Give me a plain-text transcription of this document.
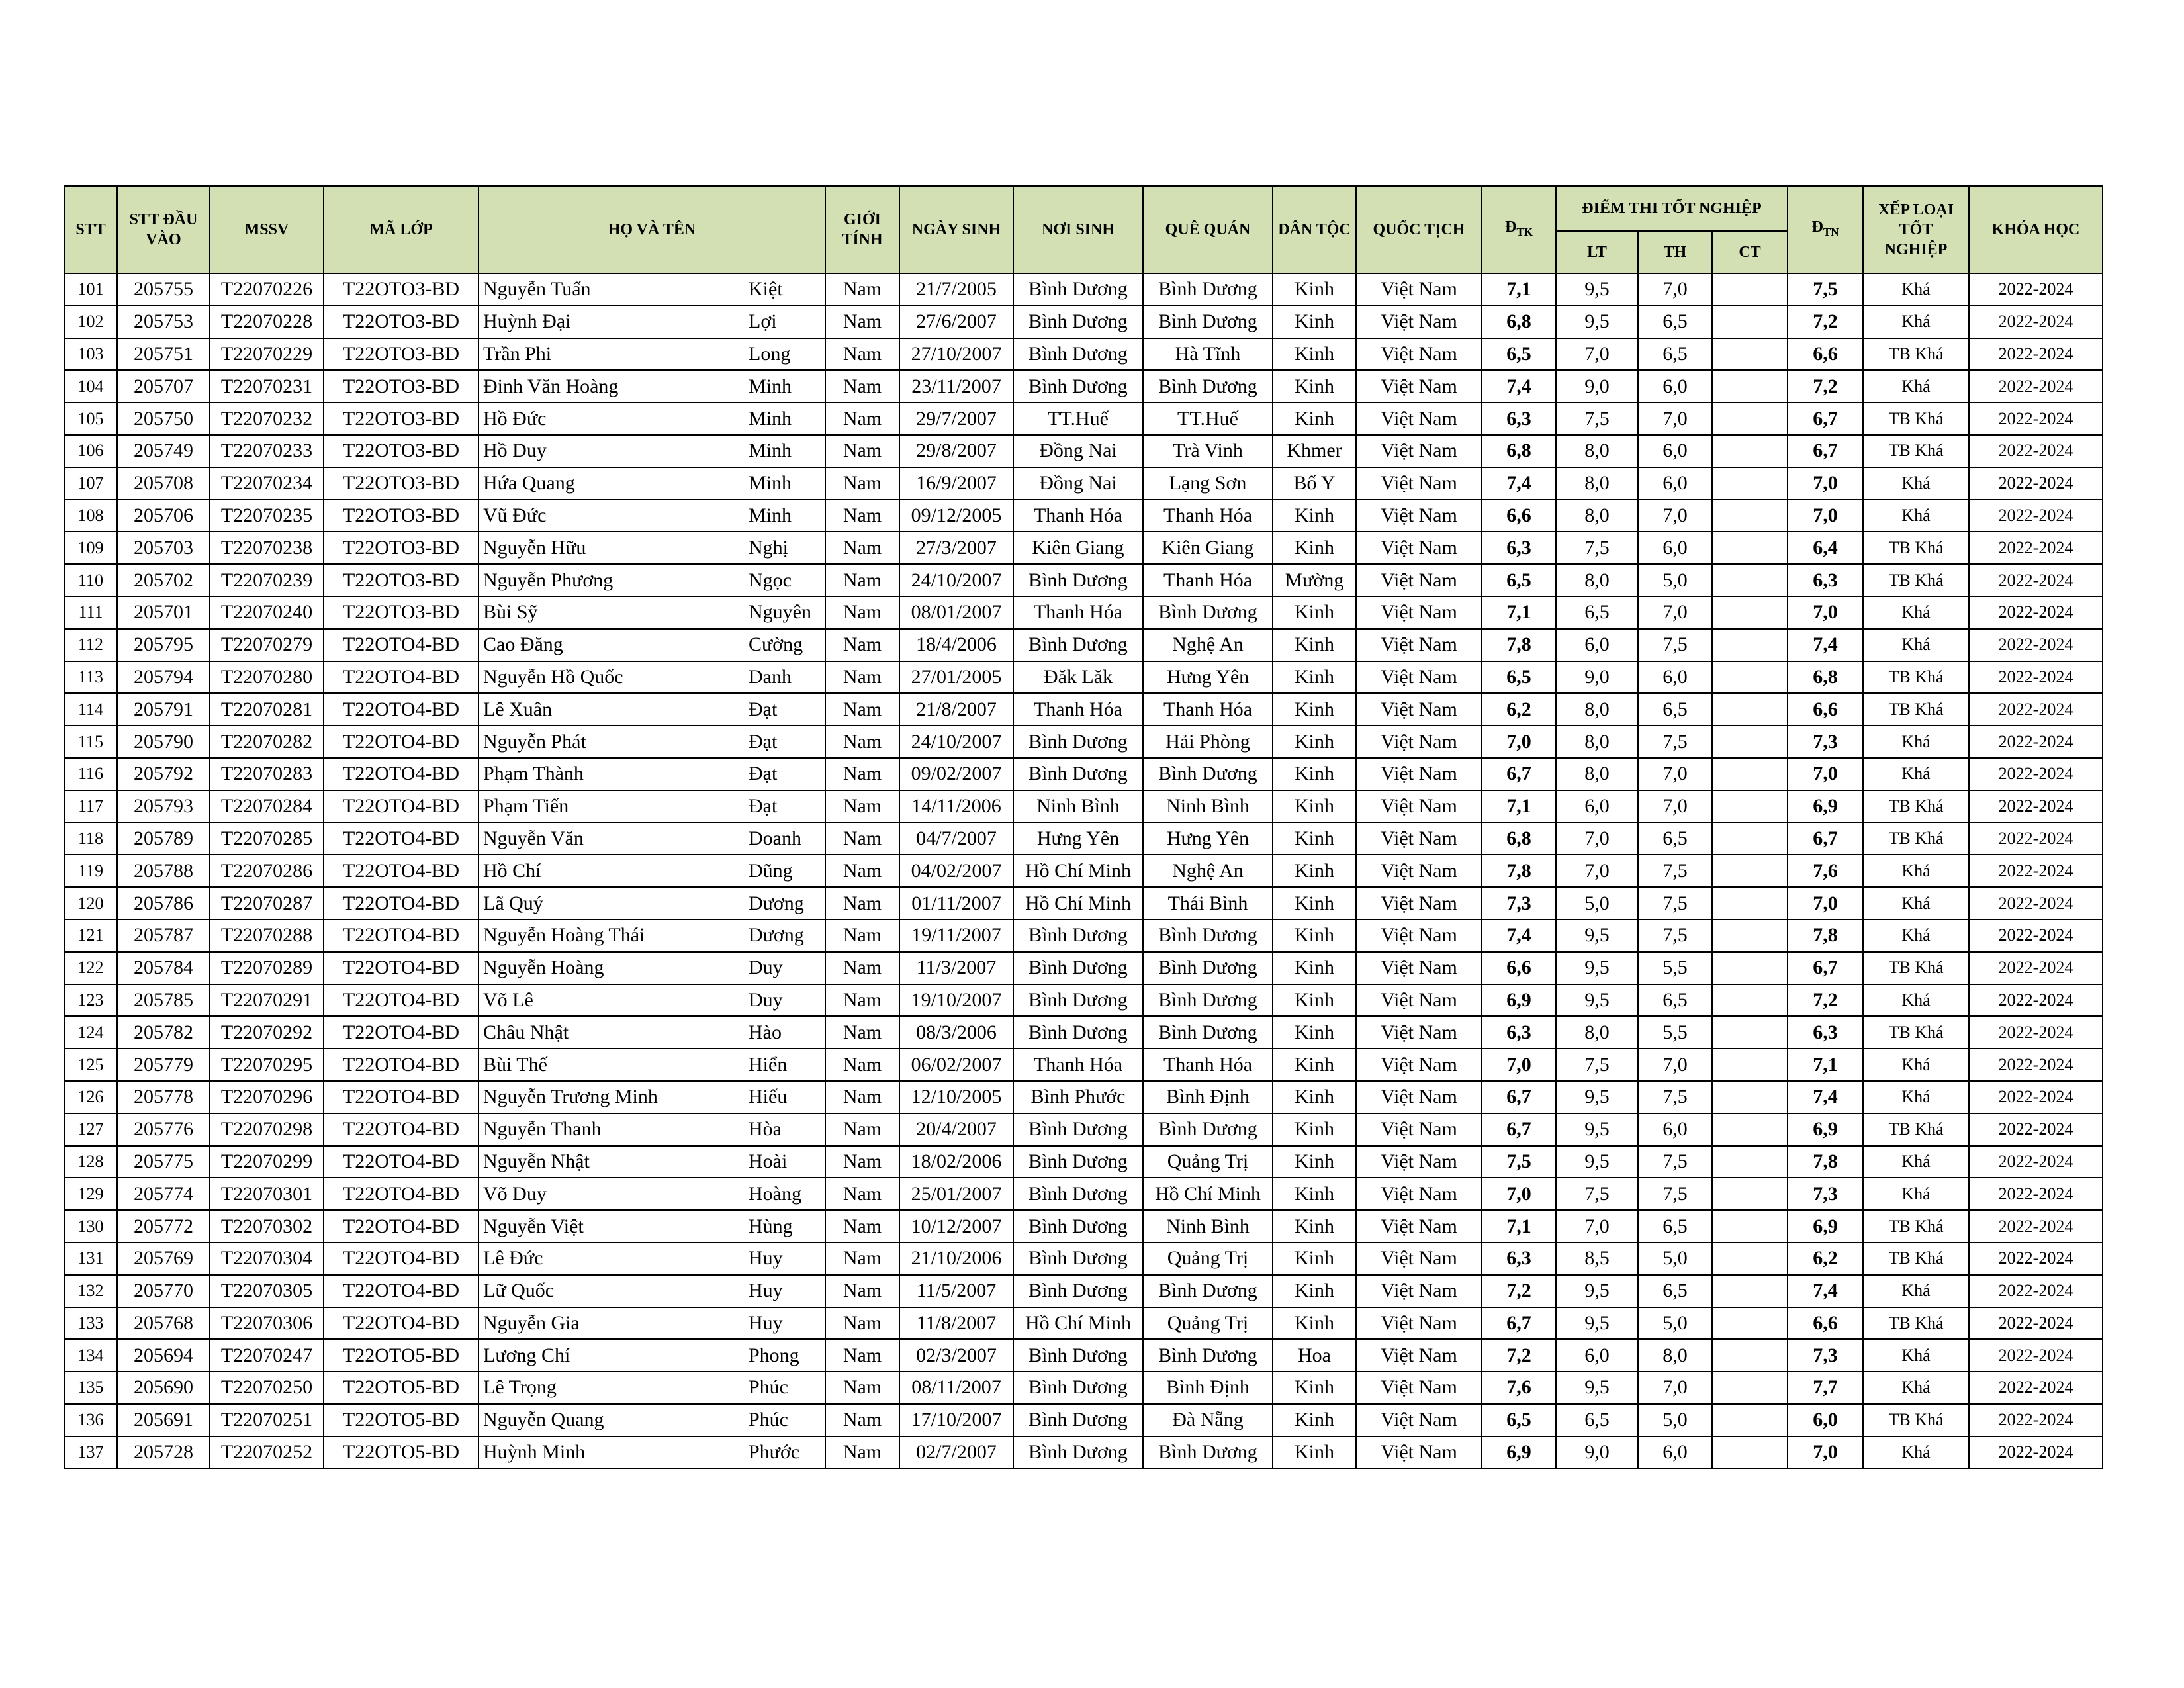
STT	STT ĐẦU VÀO	MSSV	MÃ LỚP	HỌ VÀ TÊN		GIỚI TÍNH	NGÀY SINH	NƠI SINH	QUÊ QUÁN	DÂN TỘC	QUỐC TỊCH	$Đ_{TK}$	ĐIỂM THI TỐT NGHIỆP			$Đ_{TN}$	XẾP LOẠI TỐT NGHIỆP	KHÓA HỌC
													LT	TH	CT			
101	205755	T22070226	T22OTO3-BD	Nguyễn Tuấn	Kiệt	Nam	21/7/2005	Bình Dương	Bình Dương	Kinh	Việt Nam	7,1	9,5	7,0		7,5	Khá	2022-2024
102	205753	T22070228	T22OTO3-BD	Huỳnh Đại	Lợi	Nam	27/6/2007	Bình Dương	Bình Dương	Kinh	Việt Nam	6,8	9,5	6,5		7,2	Khá	2022-2024
103	205751	T22070229	T22OTO3-BD	Trần Phi	Long	Nam	27/10/2007	Bình Dương	Hà Tĩnh	Kinh	Việt Nam	6,5	7,0	6,5		6,6	TB Khá	2022-2024
104	205707	T22070231	T22OTO3-BD	Đinh Văn Hoàng	Minh	Nam	23/11/2007	Bình Dương	Bình Dương	Kinh	Việt Nam	7,4	9,0	6,0		7,2	Khá	2022-2024
105	205750	T22070232	T22OTO3-BD	Hồ Đức	Minh	Nam	29/7/2007	TT.Huế	TT.Huế	Kinh	Việt Nam	6,3	7,5	7,0		6,7	TB Khá	2022-2024
106	205749	T22070233	T22OTO3-BD	Hồ Duy	Minh	Nam	29/8/2007	Đồng Nai	Trà Vinh	Khmer	Việt Nam	6,8	8,0	6,0		6,7	TB Khá	2022-2024
107	205708	T22070234	T22OTO3-BD	Hứa Quang	Minh	Nam	16/9/2007	Đồng Nai	Lạng Sơn	Bố Y	Việt Nam	7,4	8,0	6,0		7,0	Khá	2022-2024
108	205706	T22070235	T22OTO3-BD	Vũ Đức	Minh	Nam	09/12/2005	Thanh Hóa	Thanh Hóa	Kinh	Việt Nam	6,6	8,0	7,0		7,0	Khá	2022-2024
109	205703	T22070238	T22OTO3-BD	Nguyễn Hữu	Nghị	Nam	27/3/2007	Kiên Giang	Kiên Giang	Kinh	Việt Nam	6,3	7,5	6,0		6,4	TB Khá	2022-2024
110	205702	T22070239	T22OTO3-BD	Nguyễn Phương	Ngọc	Nam	24/10/2007	Bình Dương	Thanh Hóa	Mường	Việt Nam	6,5	8,0	5,0		6,3	TB Khá	2022-2024
111	205701	T22070240	T22OTO3-BD	Bùi Sỹ	Nguyên	Nam	08/01/2007	Thanh Hóa	Bình Dương	Kinh	Việt Nam	7,1	6,5	7,0		7,0	Khá	2022-2024
112	205795	T22070279	T22OTO4-BD	Cao Đăng	Cường	Nam	18/4/2006	Bình Dương	Nghệ An	Kinh	Việt Nam	7,8	6,0	7,5		7,4	Khá	2022-2024
113	205794	T22070280	T22OTO4-BD	Nguyễn Hồ Quốc	Danh	Nam	27/01/2005	Đăk Lăk	Hưng Yên	Kinh	Việt Nam	6,5	9,0	6,0		6,8	TB Khá	2022-2024
114	205791	T22070281	T22OTO4-BD	Lê Xuân	Đạt	Nam	21/8/2007	Thanh Hóa	Thanh Hóa	Kinh	Việt Nam	6,2	8,0	6,5		6,6	TB Khá	2022-2024
115	205790	T22070282	T22OTO4-BD	Nguyễn Phát	Đạt	Nam	24/10/2007	Bình Dương	Hải Phòng	Kinh	Việt Nam	7,0	8,0	7,5		7,3	Khá	2022-2024
116	205792	T22070283	T22OTO4-BD	Phạm Thành	Đạt	Nam	09/02/2007	Bình Dương	Bình Dương	Kinh	Việt Nam	6,7	8,0	7,0		7,0	Khá	2022-2024
117	205793	T22070284	T22OTO4-BD	Phạm Tiến	Đạt	Nam	14/11/2006	Ninh Bình	Ninh Bình	Kinh	Việt Nam	7,1	6,0	7,0		6,9	TB Khá	2022-2024
118	205789	T22070285	T22OTO4-BD	Nguyễn Văn	Doanh	Nam	04/7/2007	Hưng Yên	Hưng Yên	Kinh	Việt Nam	6,8	7,0	6,5		6,7	TB Khá	2022-2024
119	205788	T22070286	T22OTO4-BD	Hồ Chí	Dũng	Nam	04/02/2007	Hồ Chí Minh	Nghệ An	Kinh	Việt Nam	7,8	7,0	7,5		7,6	Khá	2022-2024
120	205786	T22070287	T22OTO4-BD	Lã Quý	Dương	Nam	01/11/2007	Hồ Chí Minh	Thái Bình	Kinh	Việt Nam	7,3	5,0	7,5		7,0	Khá	2022-2024
121	205787	T22070288	T22OTO4-BD	Nguyễn Hoàng Thái	Dương	Nam	19/11/2007	Bình Dương	Bình Dương	Kinh	Việt Nam	7,4	9,5	7,5		7,8	Khá	2022-2024
122	205784	T22070289	T22OTO4-BD	Nguyễn Hoàng	Duy	Nam	11/3/2007	Bình Dương	Bình Dương	Kinh	Việt Nam	6,6	9,5	5,5		6,7	TB Khá	2022-2024
123	205785	T22070291	T22OTO4-BD	Võ Lê	Duy	Nam	19/10/2007	Bình Dương	Bình Dương	Kinh	Việt Nam	6,9	9,5	6,5		7,2	Khá	2022-2024
124	205782	T22070292	T22OTO4-BD	Châu Nhật	Hào	Nam	08/3/2006	Bình Dương	Bình Dương	Kinh	Việt Nam	6,3	8,0	5,5		6,3	TB Khá	2022-2024
125	205779	T22070295	T22OTO4-BD	Bùi Thế	Hiển	Nam	06/02/2007	Thanh Hóa	Thanh Hóa	Kinh	Việt Nam	7,0	7,5	7,0		7,1	Khá	2022-2024
126	205778	T22070296	T22OTO4-BD	Nguyễn Trương Minh	Hiếu	Nam	12/10/2005	Bình Phước	Bình Định	Kinh	Việt Nam	6,7	9,5	7,5		7,4	Khá	2022-2024
127	205776	T22070298	T22OTO4-BD	Nguyễn Thanh	Hòa	Nam	20/4/2007	Bình Dương	Bình Dương	Kinh	Việt Nam	6,7	9,5	6,0		6,9	TB Khá	2022-2024
128	205775	T22070299	T22OTO4-BD	Nguyễn Nhật	Hoài	Nam	18/02/2006	Bình Dương	Quảng Trị	Kinh	Việt Nam	7,5	9,5	7,5		7,8	Khá	2022-2024
129	205774	T22070301	T22OTO4-BD	Võ Duy	Hoàng	Nam	25/01/2007	Bình Dương	Hồ Chí Minh	Kinh	Việt Nam	7,0	7,5	7,5		7,3	Khá	2022-2024
130	205772	T22070302	T22OTO4-BD	Nguyễn Việt	Hùng	Nam	10/12/2007	Bình Dương	Ninh Bình	Kinh	Việt Nam	7,1	7,0	6,5		6,9	TB Khá	2022-2024
131	205769	T22070304	T22OTO4-BD	Lê Đức	Huy	Nam	21/10/2006	Bình Dương	Quảng Trị	Kinh	Việt Nam	6,3	8,5	5,0		6,2	TB Khá	2022-2024
132	205770	T22070305	T22OTO4-BD	Lữ Quốc	Huy	Nam	11/5/2007	Bình Dương	Bình Dương	Kinh	Việt Nam	7,2	9,5	6,5		7,4	Khá	2022-2024
133	205768	T22070306	T22OTO4-BD	Nguyễn Gia	Huy	Nam	11/8/2007	Hồ Chí Minh	Quảng Trị	Kinh	Việt Nam	6,7	9,5	5,0		6,6	TB Khá	2022-2024
134	205694	T22070247	T22OTO5-BD	Lương Chí	Phong	Nam	02/3/2007	Bình Dương	Bình Dương	Hoa	Việt Nam	7,2	6,0	8,0		7,3	Khá	2022-2024
135	205690	T22070250	T22OTO5-BD	Lê Trọng	Phúc	Nam	08/11/2007	Bình Dương	Bình Định	Kinh	Việt Nam	7,6	9,5	7,0		7,7	Khá	2022-2024
136	205691	T22070251	T22OTO5-BD	Nguyễn Quang	Phúc	Nam	17/10/2007	Bình Dương	Đà Nẵng	Kinh	Việt Nam	6,5	6,5	5,0		6,0	TB Khá	2022-2024
137	205728	T22070252	T22OTO5-BD	Huỳnh Minh	Phước	Nam	02/7/2007	Bình Dương	Bình Dương	Kinh	Việt Nam	6,9	9,0	6,0		7,0	Khá	2022-2024
